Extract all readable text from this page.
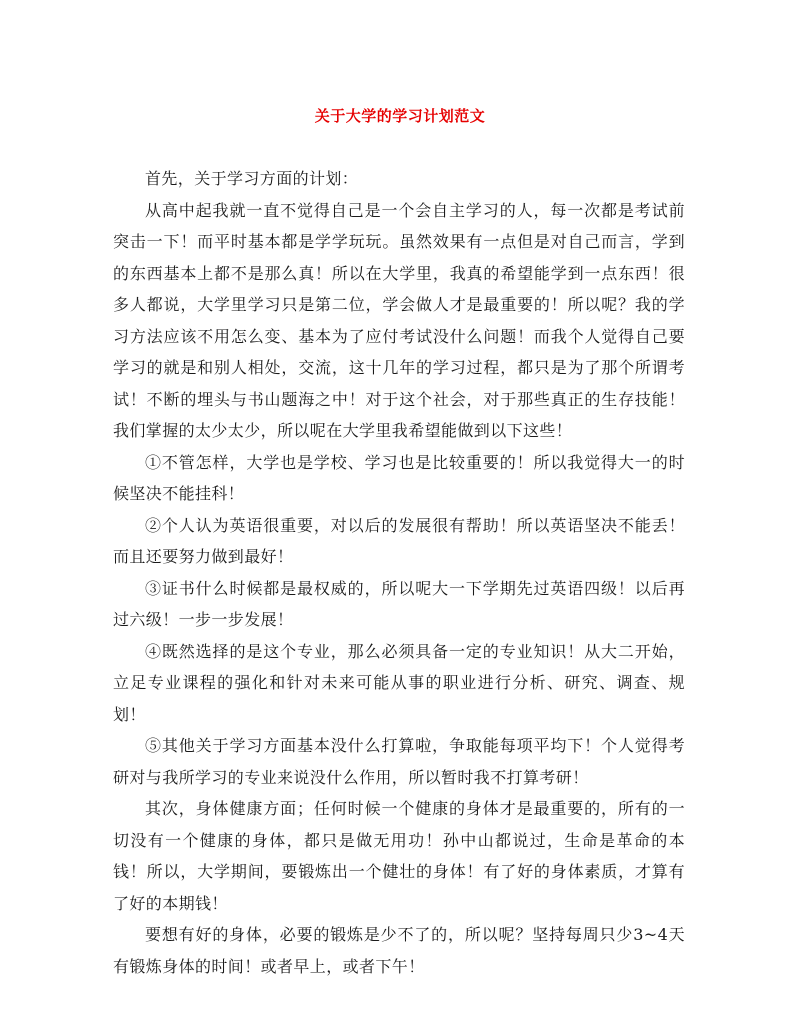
关于大学的学习计划范文

首先，关于学习方面的计划：

从高中起我就一直不觉得自己是一个会自主学习的人，每一次都是考试前突击一下！而平时基本都是学学玩玩。虽然效果有一点但是对自己而言，学到的东西基本上都不是那么真！所以在大学里，我真的希望能学到一点东西！很多人都说，大学里学习只是第二位，学会做人才是最重要的！所以呢？我的学习方法应该不用怎么变、基本为了应付考试没什么问题！而我个人觉得自己要学习的就是和别人相处，交流，这十几年的学习过程，都只是为了那个所谓考试！不断的埋头与书山题海之中！对于这个社会，对于那些真正的生存技能！我们掌握的太少太少，所以呢在大学里我希望能做到以下这些！

①不管怎样，大学也是学校、学习也是比较重要的！所以我觉得大一的时候坚决不能挂科！

②个人认为英语很重要，对以后的发展很有帮助！所以英语坚决不能丢！而且还要努力做到最好！

③证书什么时候都是最权威的，所以呢大一下学期先过英语四级！以后再过六级！一步一步发展！

④既然选择的是这个专业，那么必须具备一定的专业知识！从大二开始，立足专业课程的强化和针对未来可能从事的职业进行分析、研究、调查、规划！

⑤其他关于学习方面基本没什么打算啦，争取能每项平均下！个人觉得考研对与我所学习的专业来说没什么作用，所以暂时我不打算考研！

其次，身体健康方面；任何时候一个健康的身体才是最重要的，所有的一切没有一个健康的身体，都只是做无用功！孙中山都说过，生命是革命的本钱！所以，大学期间，要锻炼出一个健壮的身体！有了好的身体素质，才算有了好的本期钱！

要想有好的身体，必要的锻炼是少不了的，所以呢？坚持每周只少3~4天有锻炼身体的时间！或者早上，或者下午！
